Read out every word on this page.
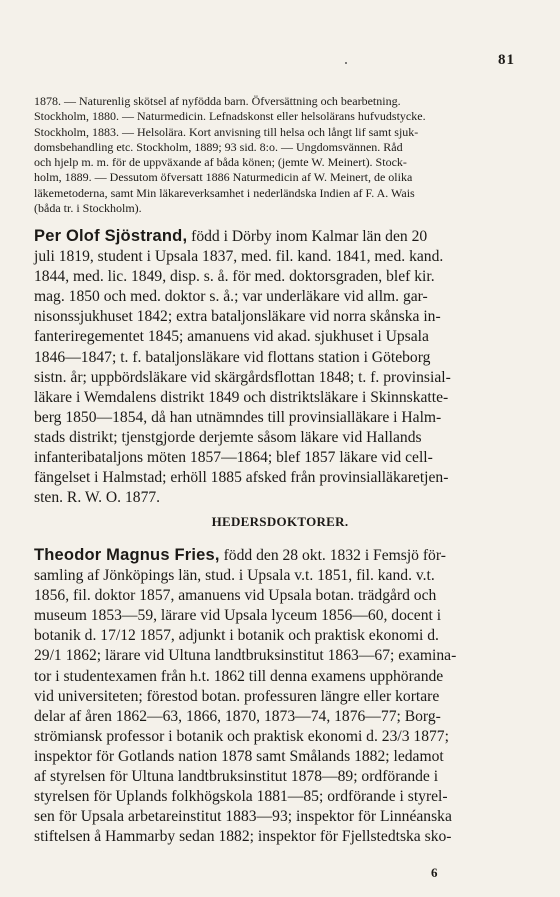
81
1878. — Naturenlig skötsel af nyfödda barn. Öfversättning och bearbetning.
Stockholm, 1880. — Naturmedicin. Lefnadskonst eller helsolärans hufvudstycke.
Stockholm, 1883. — Helsolära. Kort anvisning till helsa och långt lif samt sjuk-
domsbehandling etc. Stockholm, 1889; 93 sid. 8:o. — Ungdomsvännen. Råd
och hjelp m. m. för de uppväxande af båda könen; (jemte W. Meinert). Stock-
holm, 1889. — Dessutom öfversatt 1886 Naturmedicin af W. Meinert, de olika
läkemetoderna, samt Min läkareverksamhet i nederländska Indien af F. A. Wais
(båda tr. i Stockholm).
Per Olof Sjöstrand, född i Dörby inom Kalmar län den 20
juli 1819, student i Upsala 1837, med. fil. kand. 1841, med. kand.
1844, med. lic. 1849, disp. s. å. för med. doktorsgraden, blef kir.
mag. 1850 och med. doktor s. å.; var underläkare vid allm. gar-
nisonssjukhuset 1842; extra bataljonsläkare vid norra skånska in-
fanteriregementet 1845; amanuens vid akad. sjukhuset i Upsala
1846—1847; t. f. bataljonsläkare vid flottans station i Göteborg
sistn. år; uppbördsläkare vid skärgårdsflottan 1848; t. f. provinsial-
läkare i Wemdalens distrikt 1849 och distriktsläkare i Skinnskatte-
berg 1850—1854, då han utnämndes till provinsialläkare i Halm-
stads distrikt; tjenstgjorde derjemte såsom läkare vid Hallands
infanteribataljons möten 1857—1864; blef 1857 läkare vid cell-
fängelset i Halmstad; erhöll 1885 afsked från provinsialläkaretjen-
sten. R. W. O. 1877.
HEDERSDOKTORER.
Theodor Magnus Fries, född den 28 okt. 1832 i Femsjö för-
samling af Jönköpings län, stud. i Upsala v.t. 1851, fil. kand. v.t.
1856, fil. doktor 1857, amanuens vid Upsala botan. trädgård och
museum 1853—59, lärare vid Upsala lyceum 1856—60, docent i
botanik d. 17/12 1857, adjunkt i botanik och praktisk ekonomi d.
29/1 1862; lärare vid Ultuna landtbruksinstitut 1863—67; examina-
tor i studentexamen från h.t. 1862 till denna examens upphörande
vid universiteten; förestod botan. professuren längre eller kortare
delar af åren 1862—63, 1866, 1870, 1873—74, 1876—77; Borg-
strömiansk professor i botanik och praktisk ekonomi d. 23/3 1877;
inspektor för Gotlands nation 1878 samt Smålands 1882; ledamot
af styrelsen för Ultuna landtbruksinstitut 1878—89; ordförande i
styrelsen för Uplands folkhögskola 1881—85; ordförande i styrel-
sen för Upsala arbetareinstitut 1883—93; inspektor för Linnéanska
stiftelsen å Hammarby sedan 1882; inspektor för Fjellstedtska sko-
6
